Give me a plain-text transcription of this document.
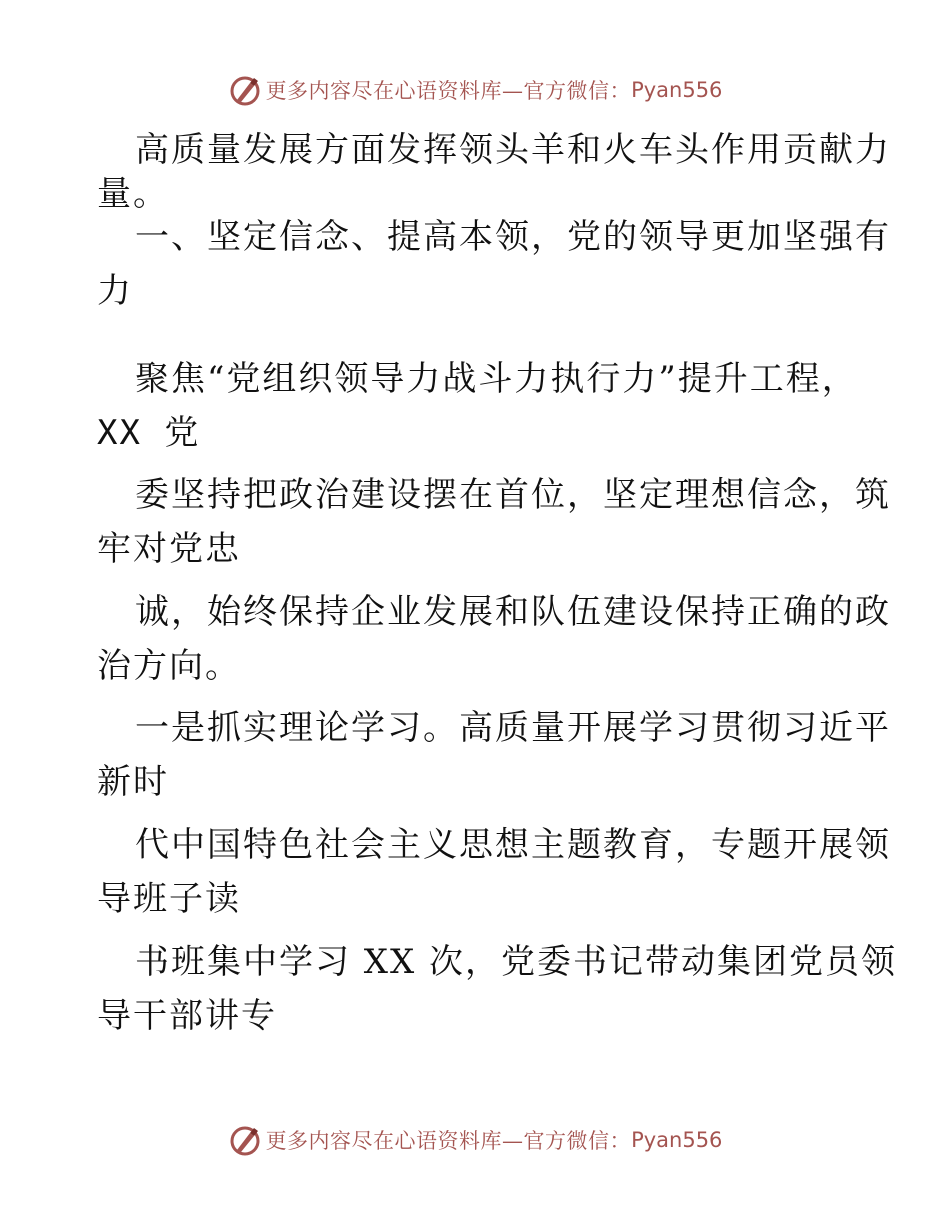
更多内容尽在心语资料库—官方微信： Pyan556
高质量发展方面发挥领头羊和火车头作用贡献力
量。
一、坚定信念、提高本领，党的领导更加坚强有
力
聚焦“党组织领导力战斗力执行力”提升工程，
XX 党
委坚持把政治建设摆在首位，坚定理想信念，筑
牢对党忠
诚，始终保持企业发展和队伍建设保持正确的政
治方向。
一是抓实理论学习。高质量开展学习贯彻习近平
新时
代中国特色社会主义思想主题教育，专题开展领
导班子读
书班集中学习 XX 次，党委书记带动集团党员领
导干部讲专
更多内容尽在心语资料库—官方微信： Pyan556
